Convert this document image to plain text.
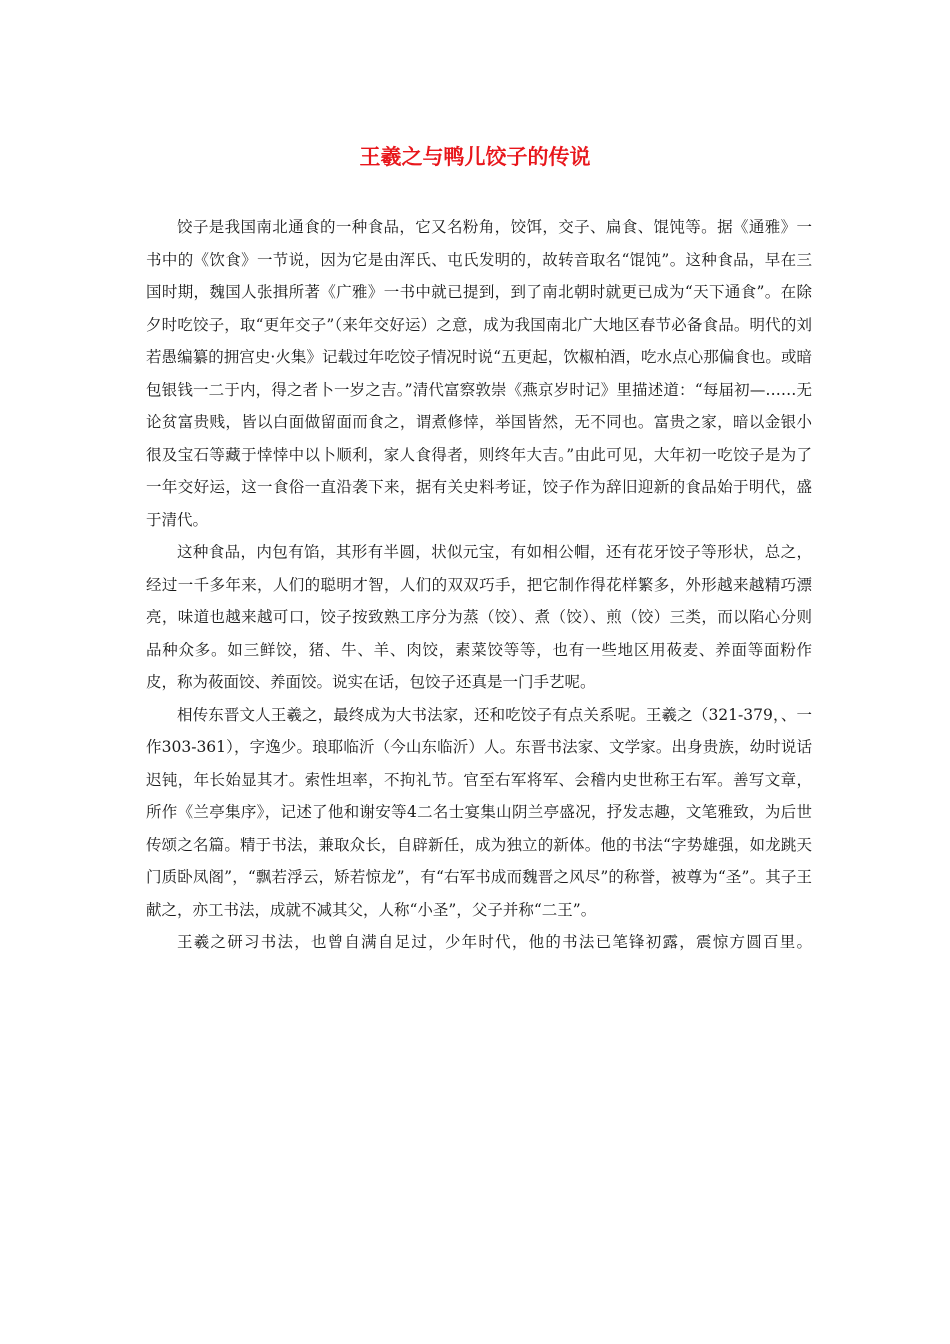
王羲之与鸭儿饺子的传说

饺子是我国南北通食的一种食品，它又名粉角，饺饵，交子、扁食、馄饨等。据《通雅》一书中的《饮食》一节说，因为它是由浑氏、屯氏发明的，故转音取名“馄饨”。这种食品，早在三国时期，魏国人张揖所著《广雅》一书中就已提到，到了南北朝时就更已成为“天下通食”。在除夕时吃饺子，取“更年交子”（来年交好运）之意，成为我国南北广大地区春节必备食品。明代的刘若愚编纂的拥宫史·火集》记载过年吃饺子情况时说“五更起，饮椒柏酒，吃水点心那偏食也。或暗包银钱一二于内，得之者卜一岁之吉。”清代富察敦崇《燕京岁时记》里描述道：“每届初—……无论贫富贵贱，皆以白面做留面而食之，谓煮修悻，举国皆然，无不同也。富贵之家，暗以金银小很及宝石等藏于悻悻中以卜顺利，家人食得者，则终年大吉。”由此可见，大年初一吃饺子是为了一年交好运，这一食俗一直沿袭下来，据有关史料考证，饺子作为辞旧迎新的食品始于明代，盛于清代。

这种食品，内包有馅，其形有半圆，状似元宝，有如相公帽，还有花牙饺子等形状，总之，经过一千多年来，人们的聪明才智，人们的双双巧手，把它制作得花样繁多，外形越来越精巧漂亮，味道也越来越可口，饺子按致熟工序分为蒸（饺）、煮（饺）、煎（饺）三类，而以陷心分则品种众多。如三鲜饺，猪、牛、羊、肉饺，素菜饺等等，也有一些地区用莜麦、养面等面粉作皮，称为莜面饺、养面饺。说实在话，包饺子还真是一门手艺呢。

相传东晋文人王羲之，最终成为大书法家，还和吃饺子有点关系呢。王羲之（321-379，、一作303-361），字逸少。琅耶临沂（今山东临沂）人。东晋书法家、文学家。出身贵族，幼时说话迟钝，年长始显其才。索性坦率，不拘礼节。官至右军将军、会稽内史世称王右军。善写文章，所作《兰亭集序》，记述了他和谢安等4二名士宴集山阴兰亭盛况，抒发志趣，文笔雅致，为后世传颂之名篇。精于书法，兼取众长，自辟新任，成为独立的新体。他的书法“字势雄强，如龙跳天门质卧凤阁”，“飘若浮云，矫若惊龙”，有“右军书成而魏晋之风尽”的称誉，被尊为“圣”。其子王献之，亦工书法，成就不减其父，人称“小圣”，父子并称“二王”。

王羲之研习书法，也曾自满自足过，少年时代，他的书法已笔锋初露，震惊方圆百里。
